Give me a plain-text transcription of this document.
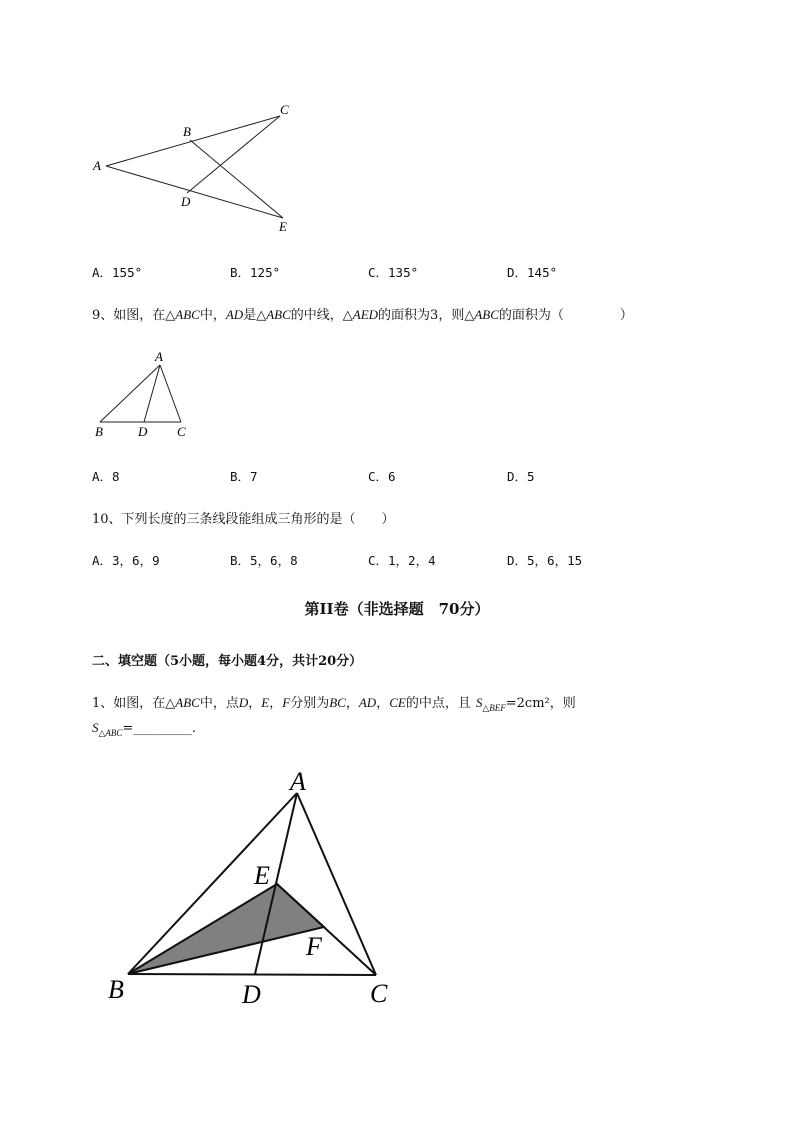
A
B
C
D
E
A．155°	B．125°	C．135°	D．145°
9、如图，在△ABC中，AD是△ABC的中线，△AED的面积为3，则△ABC的面积为（	）
A
B	D C
A．8	B．7	C．6	D．5
10、下列长度的三条线段能组成三角形的是（　　）
A．3，6，9	B．5，6，8	C．1，2，4	D．5，6，15
第II卷（非选择题　70分）
二、填空题（5小题，每小题4分，共计20分）
1、如图，在△ABC中，点D，E，F分别为BC，AD，CE的中点，且 $S_{\triangle BEF}=2cm^2$，则
$S_{\triangle ABC}=\_\_\_\_\_\_\_\_\_$.
A
B	C
D
E
F
